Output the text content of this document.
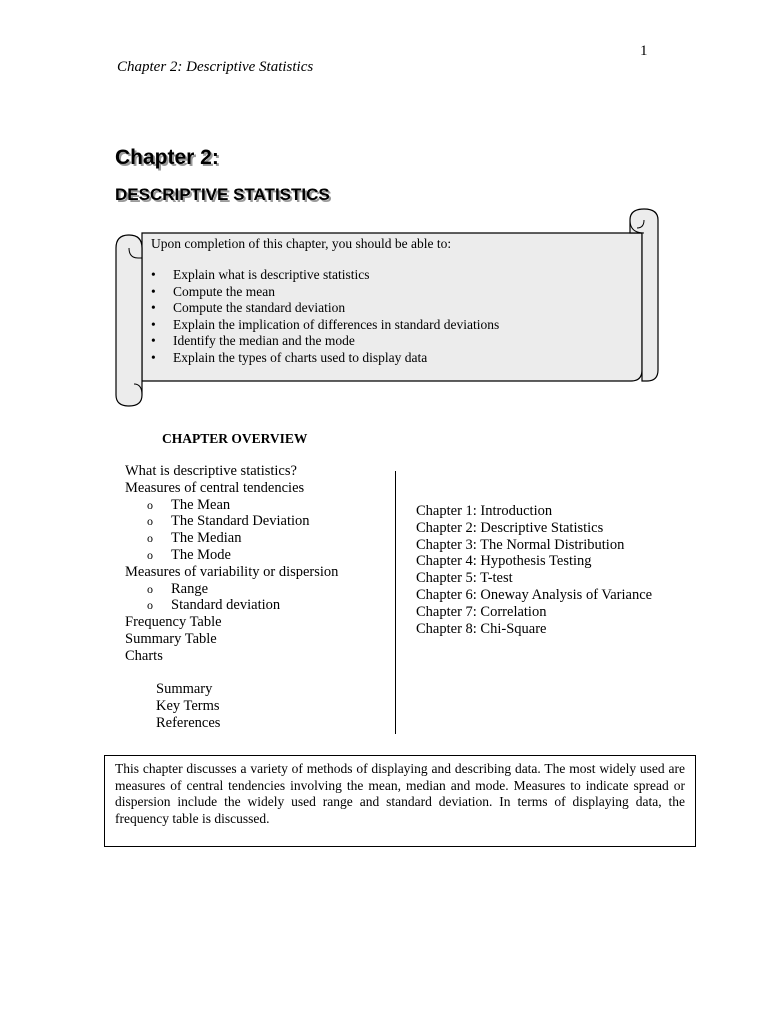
1
Chapter 2: Descriptive Statistics
Chapter 2:
DESCRIPTIVE STATISTICS
Upon completion of this chapter, you should be able to:
• Explain what is descriptive statistics
• Compute the mean
• Compute the standard deviation
• Explain the implication of differences in standard deviations
• Identify the median and the mode
• Explain the types of charts used to display data
CHAPTER OVERVIEW
What is descriptive statistics?
Measures of central tendencies
o The Mean
o The Standard Deviation
o The Median
o The Mode
Measures of variability or dispersion
o Range
o Standard deviation
Frequency Table
Summary Table
Charts
Summary
Key Terms
References
Chapter 1: Introduction
Chapter 2: Descriptive Statistics
Chapter 3: The Normal Distribution
Chapter 4: Hypothesis Testing
Chapter 5: T-test
Chapter 6: Oneway Analysis of Variance
Chapter 7: Correlation
Chapter 8: Chi-Square

This chapter discusses a variety of methods of displaying and describing data. The most widely used are measures of central tendencies involving the mean, median and mode. Measures to indicate spread or dispersion include the widely used range and standard deviation. In terms of displaying data, the frequency table is discussed.
